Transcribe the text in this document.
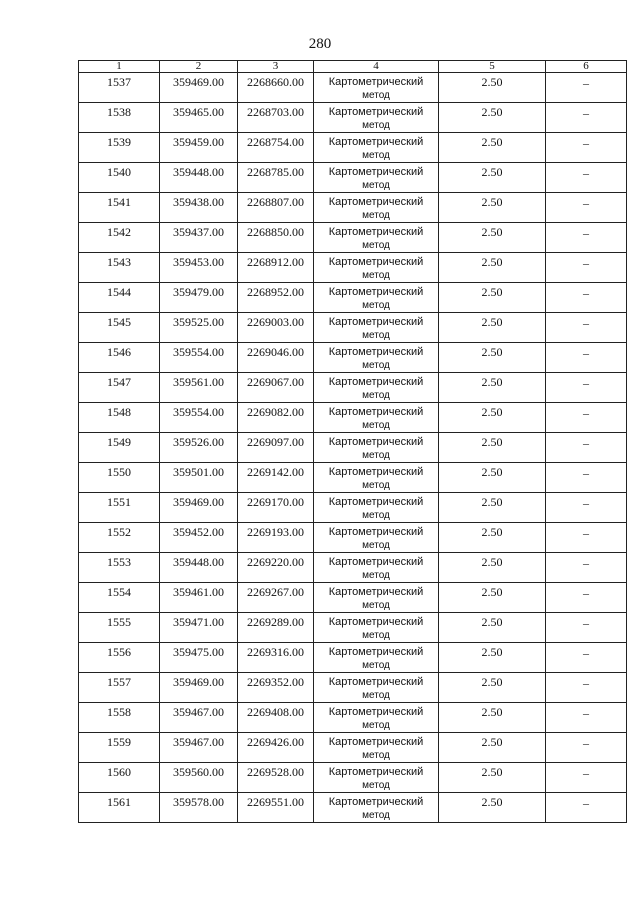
280
1	2	3	4	5	6

1537	359469.00	2268660.00	Картометрический
метод	2.50	–

1538	359465.00	2268703.00	Картометрический
метод	2.50	–

1539	359459.00	2268754.00	Картометрический
метод	2.50	–

1540	359448.00	2268785.00	Картометрический
метод	2.50	–

1541	359438.00	2268807.00	Картометрический
метод	2.50	–

1542	359437.00	2268850.00	Картометрический
метод	2.50	–

1543	359453.00	2268912.00	Картометрический
метод	2.50	–

1544	359479.00	2268952.00	Картометрический
метод	2.50	–

1545	359525.00	2269003.00	Картометрический
метод	2.50	–

1546	359554.00	2269046.00	Картометрический
метод	2.50	–

1547	359561.00	2269067.00	Картометрический
метод	2.50	–

1548	359554.00	2269082.00	Картометрический
метод	2.50	–

1549	359526.00	2269097.00	Картометрический
метод	2.50	–

1550	359501.00	2269142.00	Картометрический
метод	2.50	–

1551	359469.00	2269170.00	Картометрический
метод	2.50	–

1552	359452.00	2269193.00	Картометрический
метод	2.50	–

1553	359448.00	2269220.00	Картометрический
метод	2.50	–

1554	359461.00	2269267.00	Картометрический
метод	2.50	–

1555	359471.00	2269289.00	Картометрический
метод	2.50	–

1556	359475.00	2269316.00	Картометрический
метод	2.50	–

1557	359469.00	2269352.00	Картометрический
метод	2.50	–

1558	359467.00	2269408.00	Картометрический
метод	2.50	–

1559	359467.00	2269426.00	Картометрический
метод	2.50	–

1560	359560.00	2269528.00	Картометрический
метод	2.50	–

1561	359578.00	2269551.00	Картометрический
метод	2.50	–
